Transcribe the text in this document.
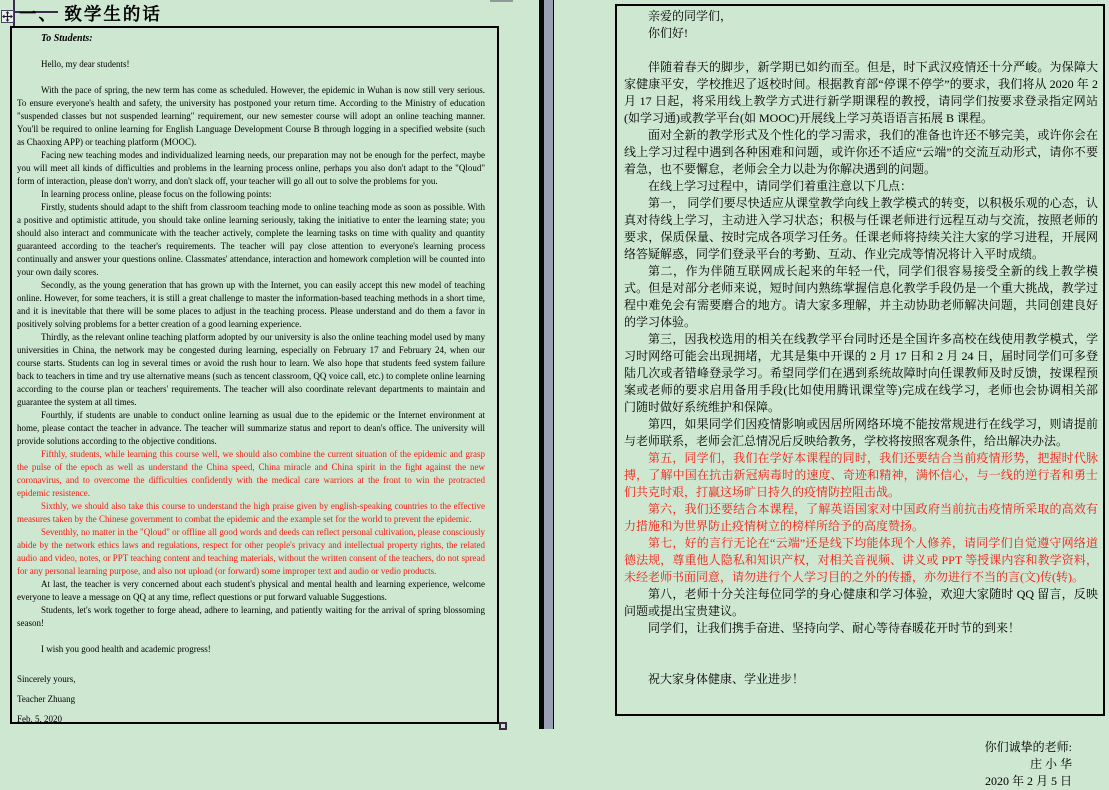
一、 致学生的话

To Students:

Hello, my dear students!

With the pace of spring, the new term has come as scheduled. However, the epidemic in Wuhan is now still very serious. To ensure everyone's health and safety, the university has postponed your return time. According to the Ministry of education "suspended classes but not suspended learning" requirement, our new semester course will adopt an online teaching manner. You'll be required to online learning for English Language Development Course B through logging in a specified website (such as Chaoxing APP) or teaching platform (MOOC).

Facing new teaching modes and individualized learning needs, our preparation may not be enough for the perfect, maybe you will meet all kinds of difficulties and problems in the learning process online, perhaps you also don't adapt to the "Qloud" form of interaction, please don't worry, and don't slack off, your teacher will go all out to solve the problems for you.

In learning process online, please focus on the following points:

Firstly, students should adapt to the shift from classroom teaching mode to online teaching mode as soon as possible. With a positive and optimistic attitude, you should take online learning seriously, taking the initiative to enter the learning state; you should also interact and communicate with the teacher actively, complete the learning tasks on time with quality and quantity guaranteed according to the teacher's requirements. The teacher will pay close attention to everyone's learning process continually and answer your questions online. Classmates' attendance, interaction and homework completion will be counted into your own daily scores.

Secondly, as the young generation that has grown up with the Internet, you can easily accept this new model of teaching online. However, for some teachers, it is still a great challenge to master the information-based teaching methods in a short time, and it is inevitable that there will be some places to adjust in the teaching process. Please understand and do them a favor in positively solving problems for a better creation of a good learning experience.

Thirdly, as the relevant online teaching platform adopted by our university is also the online teaching model used by many universities in China, the network may be congested during learning, especially on February 17 and February 24, when our course starts. Students can log in several times or avoid the rush hour to learn. We also hope that students feed system failure back to teachers in time and try use alternative means (such as tencent classroom, QQ voice call, etc.) to complete online learning according to the course plan or teachers' requirements. The teacher will also coordinate relevant departments to maintain and guarantee the system at all times.

Fourthly, if students are unable to conduct online learning as usual due to the epidemic or the Internet environment at home, please contact the teacher in advance. The teacher will summarize status and report to dean's office. The university will provide solutions according to the objective conditions.

Fifthly, students, while learning this course well, we should also combine the current situation of the epidemic and grasp the pulse of the epoch as well as understand the China speed, China miracle and China spirit in the fight against the new coronavirus, and to overcome the difficulties confidently with the medical care warriors at the front to win the protracted epidemic resistence.

Sixthly, we should also take this course to understand the high praise given by english-speaking countries to the effective measures taken by the Chinese government to combat the epidemic and the example set for the world to prevent the epidemic.

Seventhly, no matter in the "Qloud" or offline all good words and deeds can reflect personal cultivation, please consciously abide by the network ethics laws and regulations, respect for other people's privacy and intellectual property rights, the related audio and video, notes, or PPT teaching content and teaching materials, without the written consent of the teachers, do not spread for any personal learning purpose, and also not upload (or forward) some improper text and audio or vedio products.

At last, the teacher is very concerned about each student's physical and mental health and learning experience, welcome everyone to leave a message on QQ at any time, reflect questions or put forward valuable Suggestions.

Students, let's work together to forge ahead, adhere to learning, and patiently waiting for the arrival of spring blossoming season!

I wish you good health and academic progress!

Sincerely yours,

Teacher Zhuang

Feb. 5, 2020

亲爱的同学们，

你们好!

伴随着春天的脚步，新学期已如约而至。但是，时下武汉疫情还十分严峻。为保障大家健康平安，学校推迟了返校时间。根据教育部“停课不停学”的要求，我们将从 2020 年 2 月 17 日起，将采用线上教学方式进行新学期课程的教授，请同学们按要求登录指定网站(如学习通)或教学平台(如 MOOC)开展线上学习英语语言拓展 B 课程。

面对全新的教学形式及个性化的学习需求，我们的准备也许还不够完美，或许你会在线上学习过程中遇到各种困难和问题，或许你还不适应“云端”的交流互动形式，请你不要着急，也不要懈怠，老师会全力以赴为你解决遇到的问题。

在线上学习过程中，请同学们着重注意以下几点：

第一， 同学们要尽快适应从课堂教学向线上教学模式的转变，以积极乐观的心态，认真对待线上学习，主动进入学习状态；积极与任课老师进行远程互动与交流，按照老师的要求，保质保量、按时完成各项学习任务。任课老师将持续关注大家的学习进程，开展网络答疑解惑，同学们登录平台的考勤、互动、作业完成等情况将计入平时成绩。

第二，作为伴随互联网成长起来的年轻一代，同学们很容易接受全新的线上教学模式。但是对部分老师来说，短时间内熟练掌握信息化教学手段仍是一个重大挑战，教学过程中难免会有需要磨合的地方。请大家多理解，并主动协助老师解决问题，共同创建良好的学习体验。

第三，因我校选用的相关在线教学平台同时还是全国许多高校在线使用教学模式，学习时网络可能会出现拥堵，尤其是集中开课的 2 月 17 日和 2 月 24 日，届时同学们可多登陆几次或者错峰登录学习。希望同学们在遇到系统故障时向任课教师及时反馈，按课程预案或老师的要求启用备用手段(比如使用腾讯课堂等)完成在线学习，老师也会协调相关部门随时做好系统维护和保障。

第四，如果同学们因疫情影响或因居所网络环境不能按常规进行在线学习，则请提前与老师联系，老师会汇总情况后反映给教务，学校将按照客观条件，给出解决办法。

第五，同学们，我们在学好本课程的同时，我们还要结合当前疫情形势，把握时代脉搏，了解中国在抗击新冠病毒时的速度、奇迹和精神，满怀信心，与一线的逆行者和勇士们共克时艰，打赢这场旷日持久的疫情防控阻击战。

第六，我们还要结合本课程，了解英语国家对中国政府当前抗击疫情所采取的高效有力措施和为世界防止疫情树立的榜样所给予的高度赞扬。

第七，好的言行无论在“云端”还是线下均能体现个人修养，请同学们自觉遵守网络道德法规，尊重他人隐私和知识产权，对相关音视频、讲义或 PPT 等授课内容和教学资料，未经老师书面同意，请勿进行个人学习目的之外的传播，亦勿进行不当的言(文)传(转)。

第八，老师十分关注每位同学的身心健康和学习体验，欢迎大家随时 QQ 留言，反映问题或提出宝贵建议。

同学们，让我们携手奋进、坚持向学、耐心等待春暖花开时节的到来！

祝大家身体健康、学业进步！

你们诚挚的老师:

庄 小 华

2020 年 2 月 5 日
